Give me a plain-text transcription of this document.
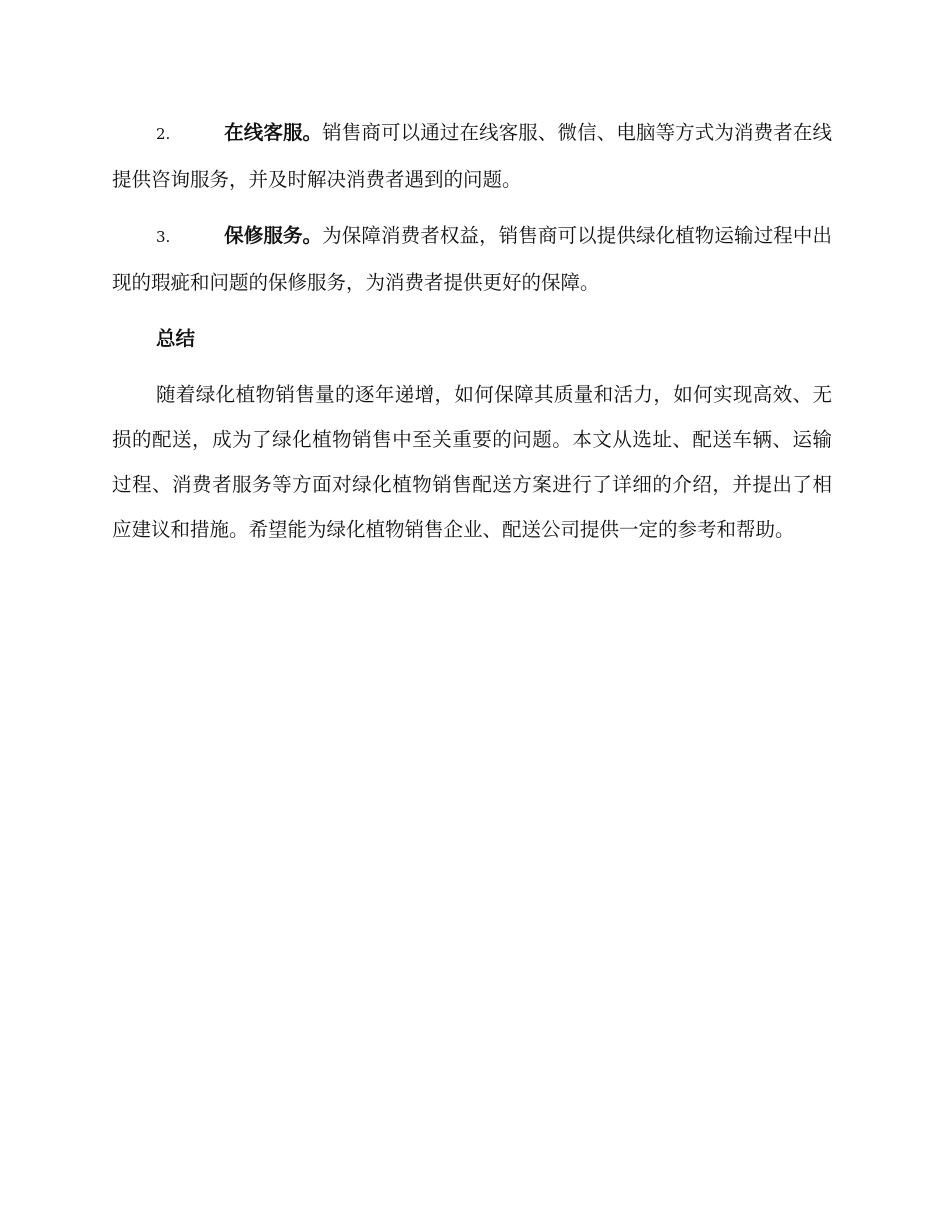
2.	在线客服。销售商可以通过在线客服、微信、电脑等方式为消费者在线提供咨询服务，并及时解决消费者遇到的问题。

3.	保修服务。为保障消费者权益，销售商可以提供绿化植物运输过程中出现的瑕疵和问题的保修服务，为消费者提供更好的保障。

总结

随着绿化植物销售量的逐年递增，如何保障其质量和活力，如何实现高效、无损的配送，成为了绿化植物销售中至关重要的问题。本文从选址、配送车辆、运输过程、消费者服务等方面对绿化植物销售配送方案进行了详细的介绍，并提出了相应建议和措施。希望能为绿化植物销售企业、配送公司提供一定的参考和帮助。
